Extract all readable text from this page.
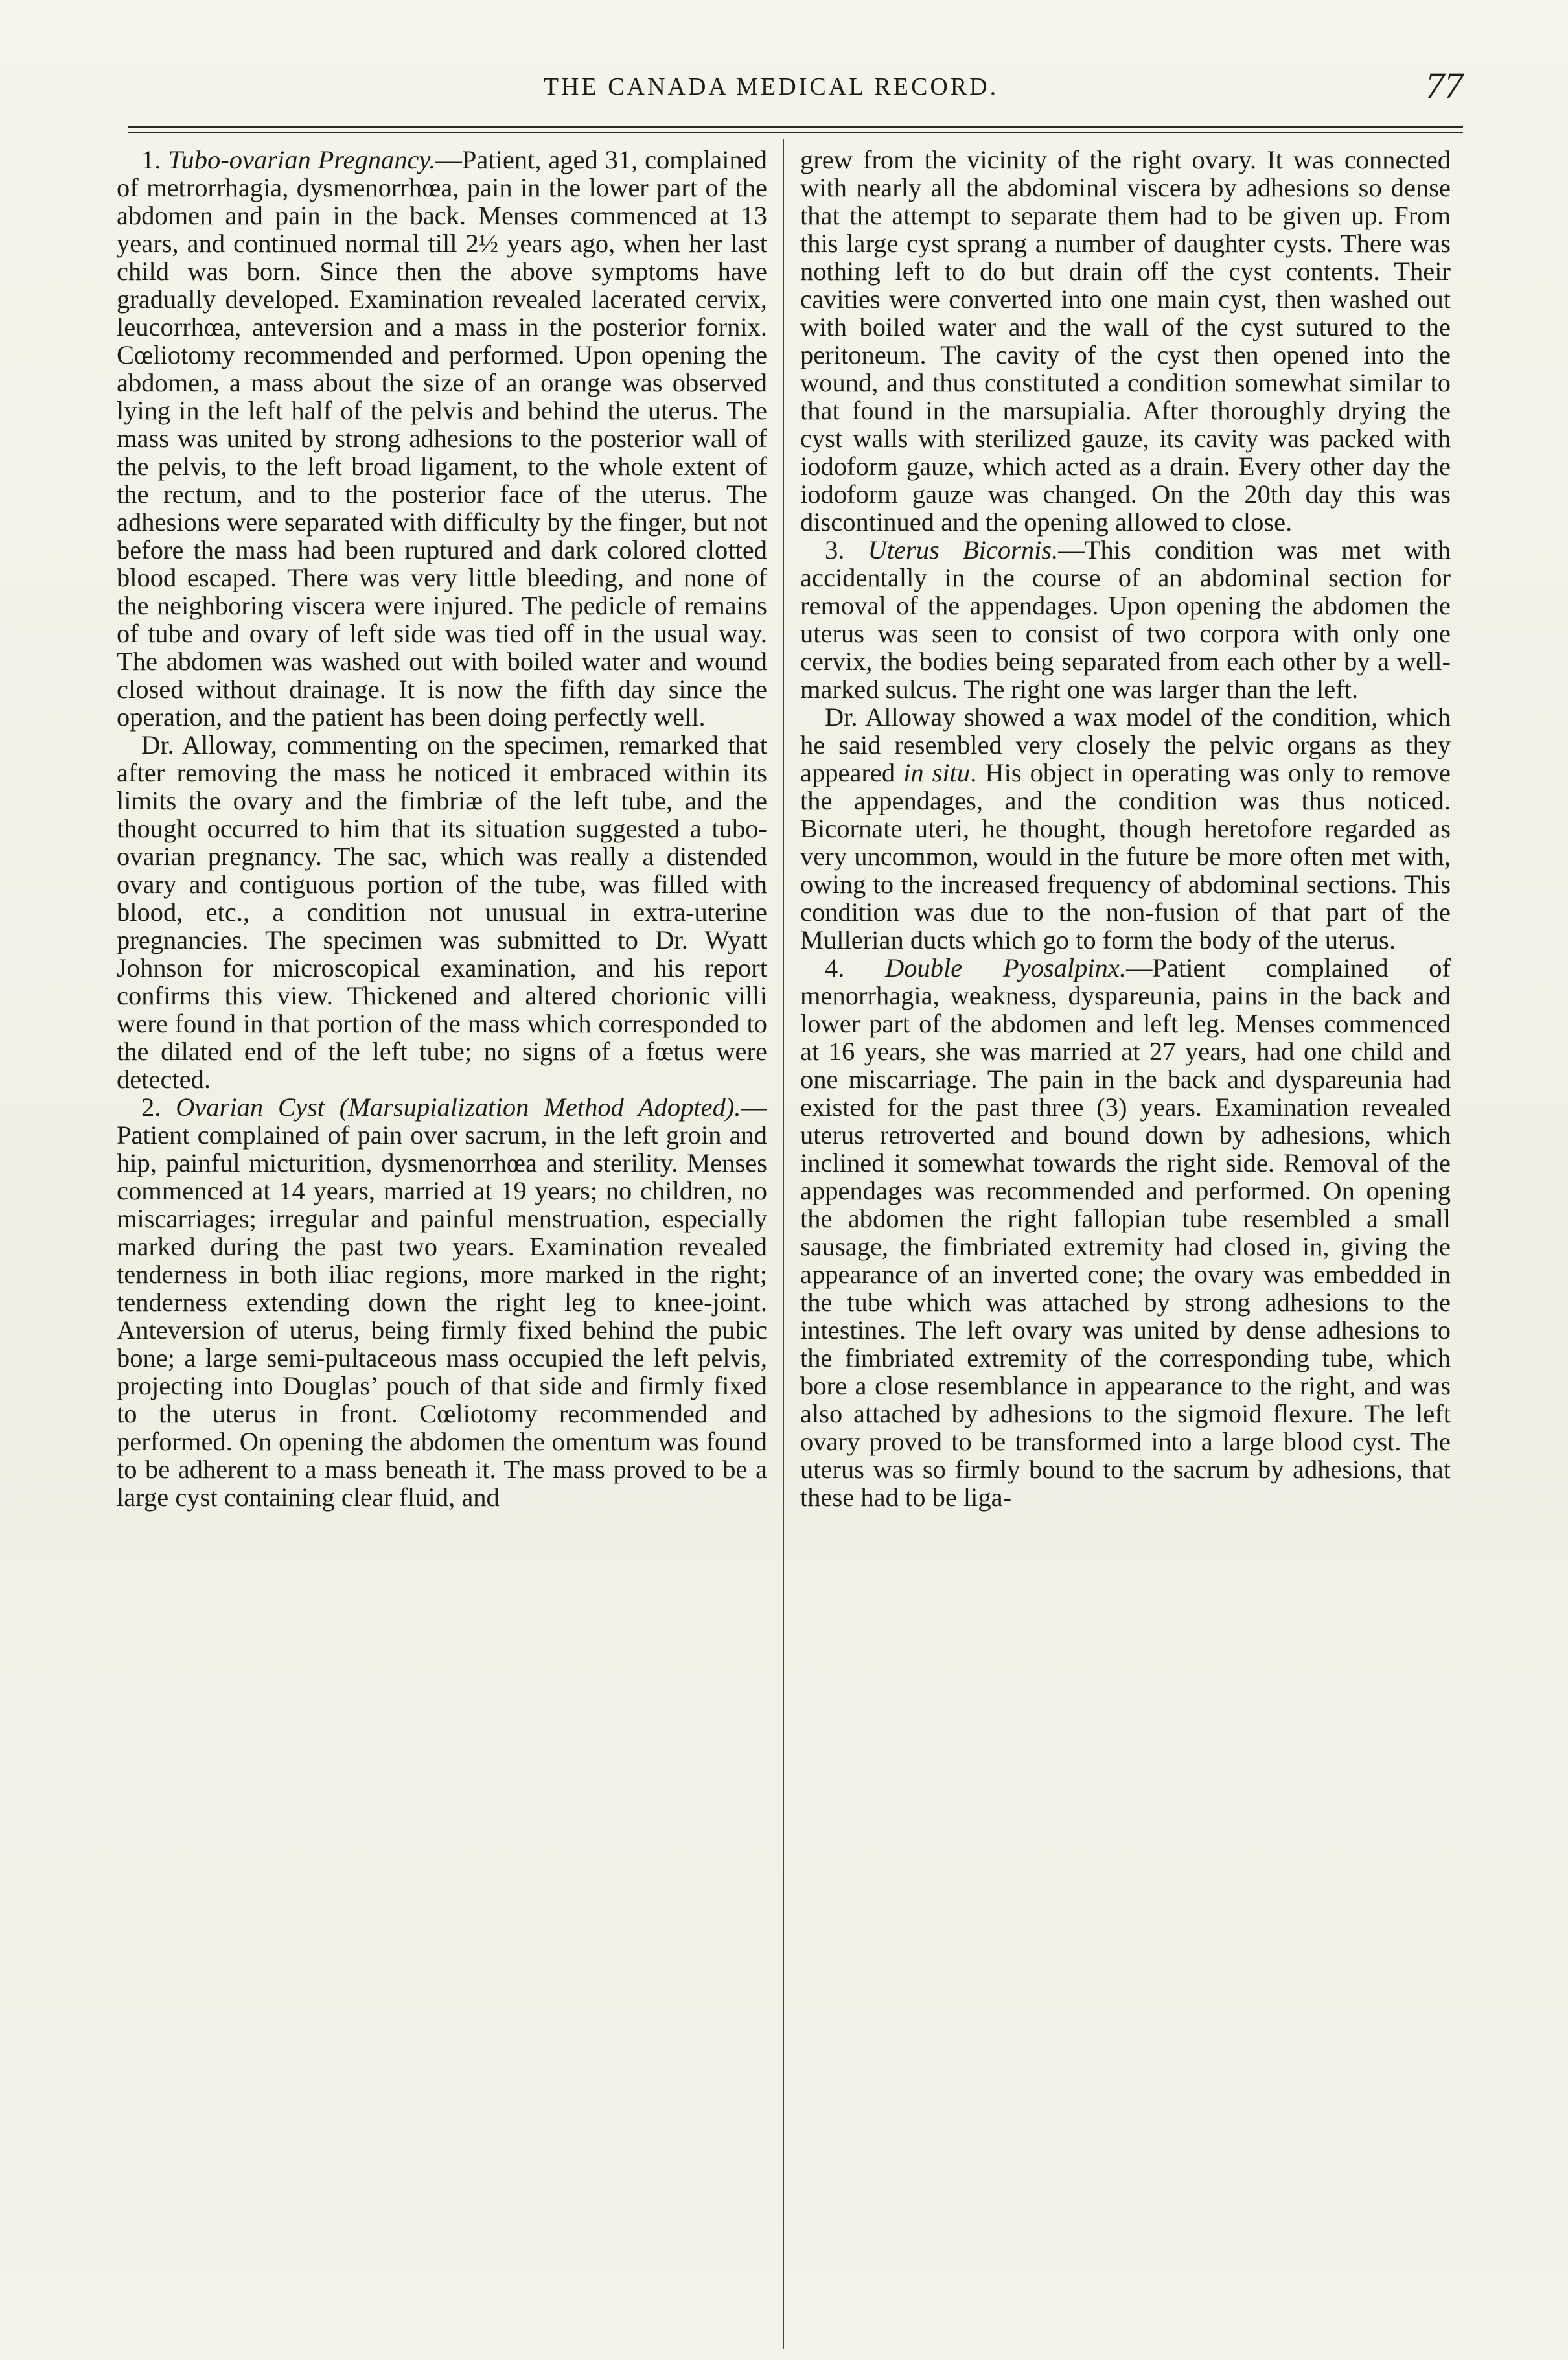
THE CANADA MEDICAL RECORD.	77

1. Tubo-ovarian Pregnancy.—Patient, aged 31, complained of metrorrhagia, dysmenorrhœa, pain in the lower part of the abdomen and pain in the back. Menses commenced at 13 years, and continued normal till 2½ years ago, when her last child was born. Since then the above symptoms have gradually developed. Examination revealed lacerated cervix, leucorrhœa, anteversion and a mass in the posterior fornix. Cœliotomy recommended and performed. Upon opening the abdomen, a mass about the size of an orange was observed lying in the left half of the pelvis and behind the uterus. The mass was united by strong adhesions to the posterior wall of the pelvis, to the left broad ligament, to the whole extent of the rectum, and to the posterior face of the uterus. The adhesions were separated with difficulty by the finger, but not before the mass had been ruptured and dark colored clotted blood escaped. There was very little bleeding, and none of the neighboring viscera were injured. The pedicle of remains of tube and ovary of left side was tied off in the usual way. The abdomen was washed out with boiled water and wound closed without drainage. It is now the fifth day since the operation, and the patient has been doing perfectly well.

Dr. Alloway, commenting on the specimen, remarked that after removing the mass he noticed it embraced within its limits the ovary and the fimbriæ of the left tube, and the thought occurred to him that its situation suggested a tubo-ovarian pregnancy. The sac, which was really a distended ovary and contiguous portion of the tube, was filled with blood, etc., a condition not unusual in extra-uterine pregnancies. The specimen was submitted to Dr. Wyatt Johnson for microscopical examination, and his report confirms this view. Thickened and altered chorionic villi were found in that portion of the mass which corresponded to the dilated end of the left tube; no signs of a fœtus were detected.

2. Ovarian Cyst (Marsupialization Method Adopted).—Patient complained of pain over sacrum, in the left groin and hip, painful micturition, dysmenorrhœa and sterility. Menses commenced at 14 years, married at 19 years; no children, no miscarriages; irregular and painful menstruation, especially marked during the past two years. Examination revealed tenderness in both iliac regions, more marked in the right; tenderness extending down the right leg to knee-joint. Anteversion of uterus, being firmly fixed behind the pubic bone; a large semi-pultaceous mass occupied the left pelvis, projecting into Douglas’ pouch of that side and firmly fixed to the uterus in front. Cœliotomy recommended and performed. On opening the abdomen the omentum was found to be adherent to a mass beneath it. The mass proved to be a large cyst containing clear fluid, and

grew from the vicinity of the right ovary. It was connected with nearly all the abdominal viscera by adhesions so dense that the attempt to separate them had to be given up. From this large cyst sprang a number of daughter cysts. There was nothing left to do but drain off the cyst contents. Their cavities were converted into one main cyst, then washed out with boiled water and the wall of the cyst sutured to the peritoneum. The cavity of the cyst then opened into the wound, and thus constituted a condition somewhat similar to that found in the marsupialia. After thoroughly drying the cyst walls with sterilized gauze, its cavity was packed with iodoform gauze, which acted as a drain. Every other day the iodoform gauze was changed. On the 20th day this was discontinued and the opening allowed to close.

3. Uterus Bicornis.—This condition was met with accidentally in the course of an abdominal section for removal of the appendages. Upon opening the abdomen the uterus was seen to consist of two corpora with only one cervix, the bodies being separated from each other by a well-marked sulcus. The right one was larger than the left.

Dr. Alloway showed a wax model of the condition, which he said resembled very closely the pelvic organs as they appeared in situ. His object in operating was only to remove the appendages, and the condition was thus noticed. Bicornate uteri, he thought, though heretofore regarded as very uncommon, would in the future be more often met with, owing to the increased frequency of abdominal sections. This condition was due to the non-fusion of that part of the Mullerian ducts which go to form the body of the uterus.

4. Double Pyosalpinx.—Patient complained of menorrhagia, weakness, dyspareunia, pains in the back and lower part of the abdomen and left leg. Menses commenced at 16 years, she was married at 27 years, had one child and one miscarriage. The pain in the back and dyspareunia had existed for the past three (3) years. Examination revealed uterus retroverted and bound down by adhesions, which inclined it somewhat towards the right side. Removal of the appendages was recommended and performed. On opening the abdomen the right fallopian tube resembled a small sausage, the fimbriated extremity had closed in, giving the appearance of an inverted cone; the ovary was embedded in the tube which was attached by strong adhesions to the intestines. The left ovary was united by dense adhesions to the fimbriated extremity of the corresponding tube, which bore a close resemblance in appearance to the right, and was also attached by adhesions to the sigmoid flexure. The left ovary proved to be transformed into a large blood cyst. The uterus was so firmly bound to the sacrum by adhesions, that these had to be liga-
